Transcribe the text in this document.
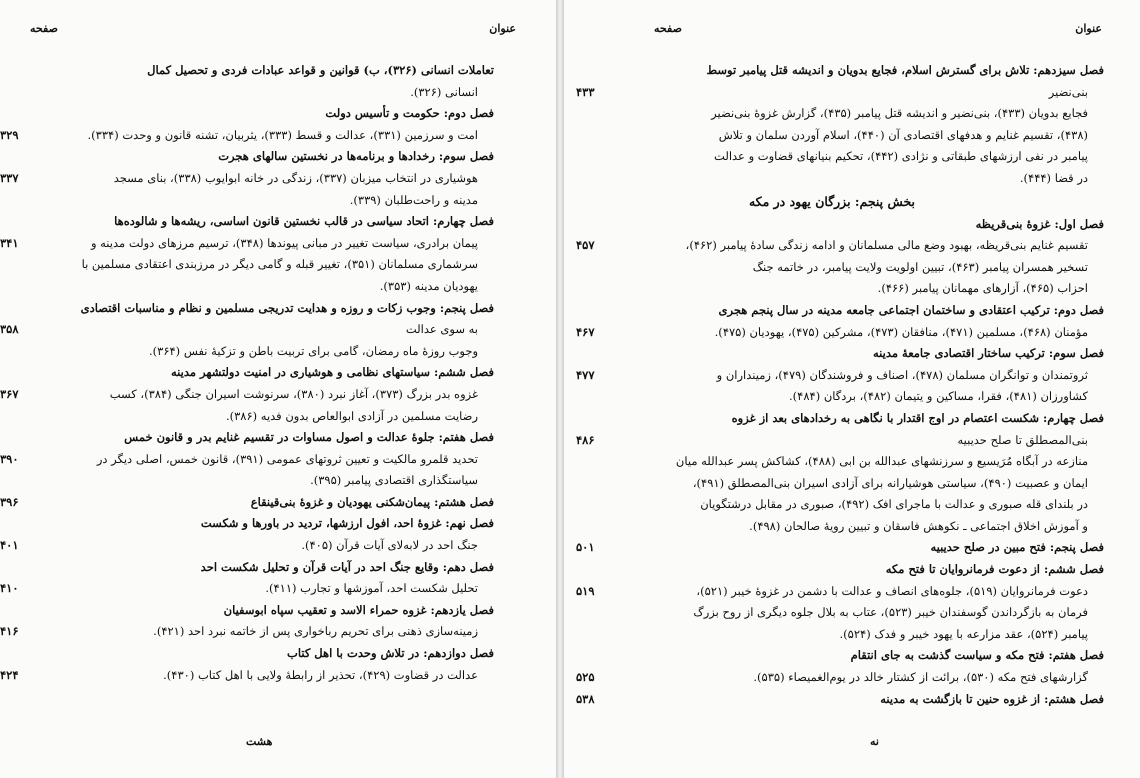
عنوان
صفحه
تعاملات انسانی (۳۲۶)، ب) قوانین و قواعد عبادات فردی و تحصیل کمال
انسانی (۳۲۶).
فصل دوم: حکومت و تأسیس دولت
امت و سرزمین (۳۳۱)، عدالت و قسط (۳۳۳)، یثربیان، تشنه قانون و وحدت (۳۳۴).
۳۲۹
فصل سوم: رخدادها و برنامه‌ها در نخستین سالهای هجرت
هوشیاری در انتخاب میزبان (۳۳۷)، زندگی در خانه ابوایوب (۳۳۸)، بنای مسجد
مدینه و راحت‌طلبان (۳۳۹).
۳۳۷
فصل چهارم: اتحاد سیاسی در قالب نخستین قانون اساسی، ریشه‌ها و شالوده‌ها
پیمان برادری، سیاست تغییر در مبانی پیوندها (۳۴۸)، ترسیم مرزهای دولت مدینه و
سرشماری مسلمانان (۳۵۱)، تغییر قبله و گامی دیگر در مرزبندی اعتقادی مسلمین با
یهودیان مدینه (۳۵۳).
۳۴۱
فصل پنجم: وجوب زکات و روزه و هدایت تدریجی مسلمین و نظام و مناسبات اقتصادی
به سوی عدالت
وجوب روزهٔ ماه رمضان، گامی برای تربیت باطن و تزکیهٔ نفس (۳۶۴).
۳۵۸
فصل ششم: سیاستهای نظامی و هوشیاری در امنیت دولتشهر مدینه
غزوه بدر بزرگ (۳۷۳)، آغاز نبرد (۳۸۰)، سرنوشت اسیران جنگی (۳۸۴)، کسب
رضایت مسلمین در آزادی ابوالعاص بدون فدیه (۳۸۶).
۳۶۷
فصل هفتم: جلوهٔ عدالت و اصول مساوات در تقسیم غنایم بدر و قانون خمس
تحدید قلمرو مالکیت و تعیین ثروتهای عمومی (۳۹۱)، قانون خمس، اصلی دیگر در
سیاستگذاری اقتصادی پیامبر (۳۹۵).
۳۹۰
فصل هشتم: پیمان‌شکنی یهودیان و غزوهٔ بنی‌قینقاع
۳۹۶
فصل نهم: غزوهٔ احد، افول ارزشها، تردید در باورها و شکست
جنگ احد در لابه‌لای آیات قرآن (۴۰۵).
۴۰۱
فصل دهم: وقایع جنگ احد در آیات قرآن و تحلیل شکست احد
تحلیل شکست احد، آموزشها و تجارب (۴۱۱).
۴۱۰
فصل یازدهم: غزوه حمراء الاسد و تعقیب سپاه ابوسفیان
زمینه‌سازی ذهنی برای تحریم رباخواری پس از خاتمه نبرد احد (۴۲۱).
۴۱۶
فصل دوازدهم: در تلاش وحدت با اهل کتاب
عدالت در قضاوت (۴۲۹)، تحذیر از رابطهٔ ولایی با اهل کتاب (۴۳۰).
۴۲۴
هشت
عنوان
صفحه
فصل سیزدهم: تلاش برای گسترش اسلام، فجایع بدویان و اندیشه قتل پیامبر توسط
بنی‌نضیر
فجایع بدویان (۴۳۳)، بنی‌نضیر و اندیشه قتل پیامبر (۴۳۵)، گزارش غزوهٔ بنی‌نضیر
(۴۳۸)، تقسیم غنایم و هدفهای اقتصادی آن (۴۴۰)، اسلام آوردن سلمان و تلاش
پیامبر در نفی ارزشهای طبقاتی و نژادی (۴۴۲)، تحکیم بنیانهای قضاوت و عدالت
در قضا (۴۴۴).
۴۳۳
بخش پنجم: بزرگان یهود در مکه
فصل اول: غزوهٔ بنی‌قریظه
تقسیم غنایم بنی‌قریظه، بهبود وضع مالی مسلمانان و ادامه زندگی سادهٔ پیامبر (۴۶۲)،
تسخیر همسران پیامبر (۴۶۳)، تبیین اولویت ولایت پیامبر، در خاتمه جنگ
احزاب (۴۶۵)، آزارهای مهمانان پیامبر (۴۶۶).
۴۵۷
فصل دوم: ترکیب اعتقادی و ساختمان اجتماعی جامعه مدینه در سال پنجم هجری
مؤمنان (۴۶۸)، مسلمین (۴۷۱)، منافقان (۴۷۳)، مشرکین (۴۷۵)، یهودیان (۴۷۵).
۴۶۷
فصل سوم: ترکیب ساختار اقتصادی جامعهٔ مدینه
ثروتمندان و توانگران مسلمان (۴۷۸)، اصناف و فروشندگان (۴۷۹)، زمینداران و
کشاورزان (۴۸۱)، فقرا، مساکین و یتیمان (۴۸۲)، بردگان (۴۸۴).
۴۷۷
فصل چهارم: شکست اعتصام در اوج اقتدار با نگاهی به رخدادهای بعد از غزوه
بنی‌المصطلق تا صلح حدیبیه
منازعه در آبگاه مُرَیسیع و سرزنشهای عبدالله بن ابی (۴۸۸)، کشاکش پسر عبدالله میان
ایمان و عصبیت (۴۹۰)، سیاستی هوشیارانه برای آزادی اسیران بنی‌المصطلق (۴۹۱)،
در بلندای قله صبوری و عدالت با ماجرای افک (۴۹۲)، صبوری در مقابل درشتگویان
و آموزش اخلاق اجتماعی ـ نکوهش فاسقان و تبیین رویهٔ صالحان (۴۹۸).
۴۸۶
فصل پنجم: فتح مبین در صلح حدیبیه
۵۰۱
فصل ششم: از دعوت فرمانروایان تا فتح مکه
دعوت فرمانروایان (۵۱۹)، جلوه‌های انصاف و عدالت با دشمن در غزوهٔ خیبر (۵۲۱)،
فرمان به بازگرداندن گوسفندان خیبر (۵۲۳)، عتاب به بلال جلوه دیگری از روح بزرگ
پیامبر (۵۲۴)، عقد مزارعه با یهود خیبر و فدک (۵۲۴).
۵۱۹
فصل هفتم: فتح مکه و سیاست گذشت به جای انتقام
گزارشهای فتح مکه (۵۳۰)، برائت از کشتار خالد در یوم‌الغمیصاء (۵۳۵).
۵۲۵
فصل هشتم: از غزوه حنین تا بازگشت به مدینه
۵۳۸
نه
